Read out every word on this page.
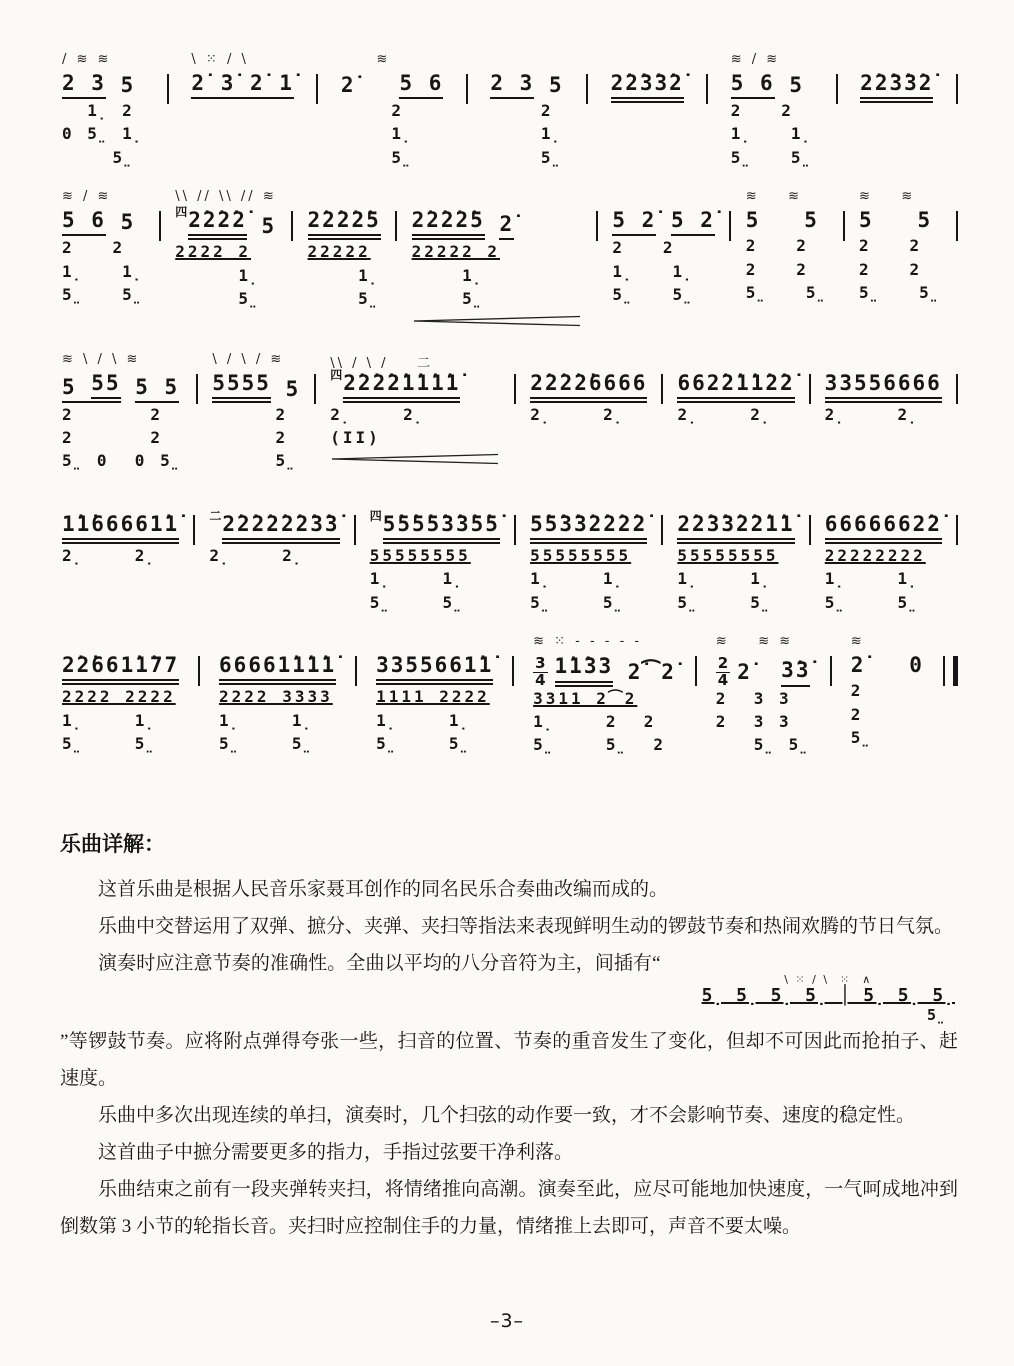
/ ≋ ≋
2 3 5
1̣ 2
0 5̤ 1̣
5̤
\ ⁙ / \
2̇ 3̇ 2̇ 1̇
≋
2̇ 5 6
2
1̣
5̤

2 3 5
2
1̣
5̤

2̇2̇3̇3̇2̇
≋ / ≋
5 6 5
2   2
1̣   1̣
5̤   5̤

2̇2̇3̇3̇2̇
≋ / ≋
5 6 5
2   2
1̣   1̣
5̤   5̤
\\ // \\ // ≋
四 2̇2̇2̇2̇ 5
2222 2
1̣
5̤

2̇2̇2̇2̇5
22222
1̣
5̤

2̇2̇2̇2̇5
2̇
22222 2
1̣
5̤

5 2̇
5 2̇
2   2
1̣   1̣
5̤   5̤
≋    ≋
5   5
2   2
2   2
5̤   5̤
≋    ≋
5   5
2   2
2   2
5̤   5̤
≋ \ / \ ≋
5 55
5 5
2      2
2      2
5̤ 0  0 5̤
\ / \ / ≋
5555 5
2
2
5̤
\\ / \ /    二
四 2̇2̇2̇2̇ 1̇1̇1̇1̇
2̣    2̣
(II)

2̇2̇2̇2̇ 6666
2̣    2̣

662̇2̇ 1̇1̇2̇2̇
2̣    2̣

3355 6666
2̣    2̣

1̇1̇66 661̇1̇
2̣    2̣

二 2̇2̇2̇2̇ 2̇2̇3̇3̇
2̣    2̣

四 5̇5̇5̇5̇ 3̇3̇5̇5̇
55555555
1̣    1̣
5̤    5̤

5̇5̇3̇3̇ 2̇2̇2̇2̇
55555555
1̣    1̣
5̤    5̤

2̇2̇3̇3̇ 2̇2̇1̇1̇
55555555
1̣    1̣
5̤    5̤

6666 662̇2̇
22222222
1̣    1̣
5̤    5̤

2̇2̇66 1̇1̇77
2222 2222
1̣    1̣
5̤    5̤

6666 1̇1̇1̇1̇
2222 3333
1̣    1̣
5̤    5̤

3355 661̇1̇
1111 2222
1̣    1̣
5̤    5̤
≋ ⁙ - - - - -
$\frac{3}{4}$ 1̇1̇33 2̇⁀2̇
3311 2⁀2
1̣    2  2
5̤    5̤  2
≋    ≋ ≋
$\frac{2}{4}$ 2̇ 3̇3̇
2  3 3
2  3 3
5̤ 5̤
≋
2̇   0
2
2
5̤
乐曲详解：

这首乐曲是根据人民音乐家聂耳创作的同名民乐合奏曲改编而成的。

乐曲中交替运用了双弹、摭分、夹弹、夹扫等指法来表现鲜明生动的锣鼓节奏和热闹欢腾的节日气氛。

演奏时应注意节奏的准确性。全曲以平均的八分音符为主，间插有“
\ ⁙ / \  ⁙  ∧
5̣ 5̣ 5̣ 5̣ │ 5̣ 5̣ 5̣
5̤
”等锣鼓节奏。应将附点弹得夸张一些，扫音的位置、节奏的重音发生了变化，但却不可因此而抢拍子、赶速度。

乐曲中多次出现连续的单扫，演奏时，几个扫弦的动作要一致，才不会影响节奏、速度的稳定性。

这首曲子中摭分需要更多的指力，手指过弦要干净利落。

乐曲结束之前有一段夹弹转夹扫，将情绪推向高潮。演奏至此，应尽可能地加快速度，一气呵成地冲到倒数第 3 小节的轮指长音。夹扫时应控制住手的力量，情绪推上去即可，声音不要太噪。

–3–
